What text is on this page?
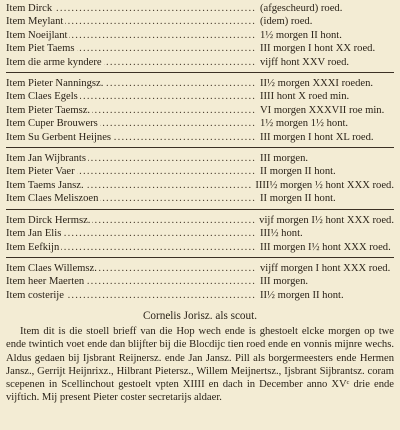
Item Dirck .....	(afgescheurd) roed.
Item Meylant .....	(idem) roed.
Item Noeijlant .....	1½ morgen II hont.
Item Piet Taems .....	III morgen I hont XX roed.
Item die arme kyndere .....	vijff hont XXV roed.
Item Pieter Nanningsz. .....	II½ morgen XXXI roeden.
Item Claes Egels .....	IIII hont X roed min.
Item Pieter Taemsz. .....	VI morgen XXXVII roe min.
Item Cuper Brouwers .....	1½ morgen 1½ hont.
Item Su Gerbent Heijnes .....	III morgen I hont XL roed.
Item Jan Wijbrants .....	III morgen.
Item Pieter Vaer .....	II morgen II hont.
Item Taems Jansz. .....	IIII½ morgen ½ hont XXX roed.
Item Claes Meliszoen .....	II morgen II hont.
Item Dirck Hermsz. .....	vijf morgen I½ hont XXX roed.
Item Jan Elis .....	III½ hont.
Item Eefkijn .....	III morgen I½ hont XXX roed.
Item Claes Willemsz. .....	vijff morgen I hont XXX roed.
Item heer Maerten .....	III morgen.
Item costerije .....	II½ morgen II hont.
Cornelis Jorisz. als scout.
Item dit is die stoell brieff van die Hop wech ende is ghestoelt elcke morgen op twe ende twintich voet ende dan blijfter bij die Blocdijc tien roed ende en vonnis mijnre wechs. Aldus gedaen bij Ijsbrant Reijnersz. ende Jan Jansz. Pill als borgermeesters ende Hermen Jansz., Gerrijt Heijnrixz., Hilbrant Pietersz., Willem Meijnertsz., Ijsbrant Sijbrantsz. coram scepenen in Scellinchout gestoelt vpten XIIII en dach in December anno XVᶜ drie ende vijftich. Mij present Pieter coster secretarijs aldaer.
